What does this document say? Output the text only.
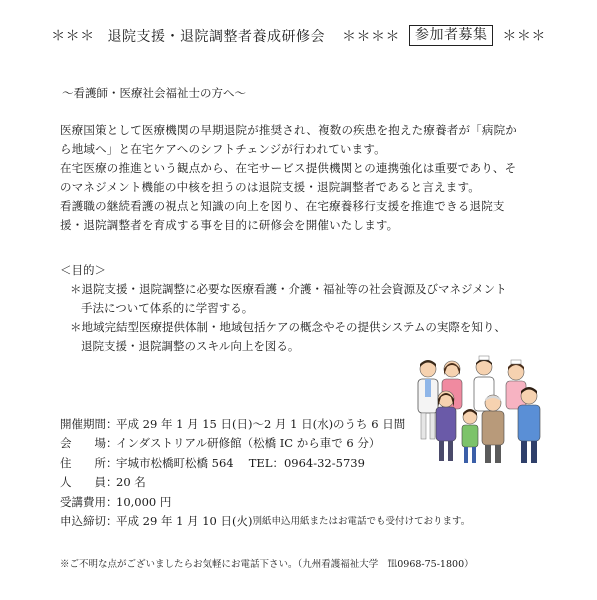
＊＊＊ 退院支援・退院調整者養成研修会 ＊＊＊＊ 参加者募集 ＊＊＊
～看護師・医療社会福祉士の方へ～
医療国策として医療機関の早期退院が推奨され、複数の疾患を抱えた療養者が「病院か
ら地域へ」と在宅ケアへのシフトチェンジが行われています。
在宅医療の推進という観点から、在宅サービス提供機関との連携強化は重要であり、そ
のマネジメント機能の中核を担うのは退院支援・退院調整者であると言えます。
看護職の継続看護の視点と知識の向上を図り、在宅療養移行支援を推進できる退院支
援・退院調整者を育成する事を目的に研修会を開催いたします。
＜目的＞
＊退院支援・退院調整に必要な医療看護・介護・福祉等の社会資源及びマネジメント
手法について体系的に学習する。
＊地域完結型医療提供体制・地域包括ケアの概念やその提供システムの実際を知り、
退院支援・退院調整のスキル向上を図る。
開催期間：
平成 29 年 1 月 15 日(日)～2 月 1 日(水)のうち 6 日間
会　　場：
インダストリアル研修館（松橋 IC から車で 6 分）
住　　所：
宇城市松橋町松橋 564　 TEL：0964-32-5739
人　　員：
20 名
受講費用：
10,000 円
申込締切：
平成 29 年 1 月 10 日(火) 別紙申込用紙またはお電話でも受付けております。
※ご不明な点がございましたらお気軽にお電話下さい。（九州看護福祉大学　℡0968-75-1800）
